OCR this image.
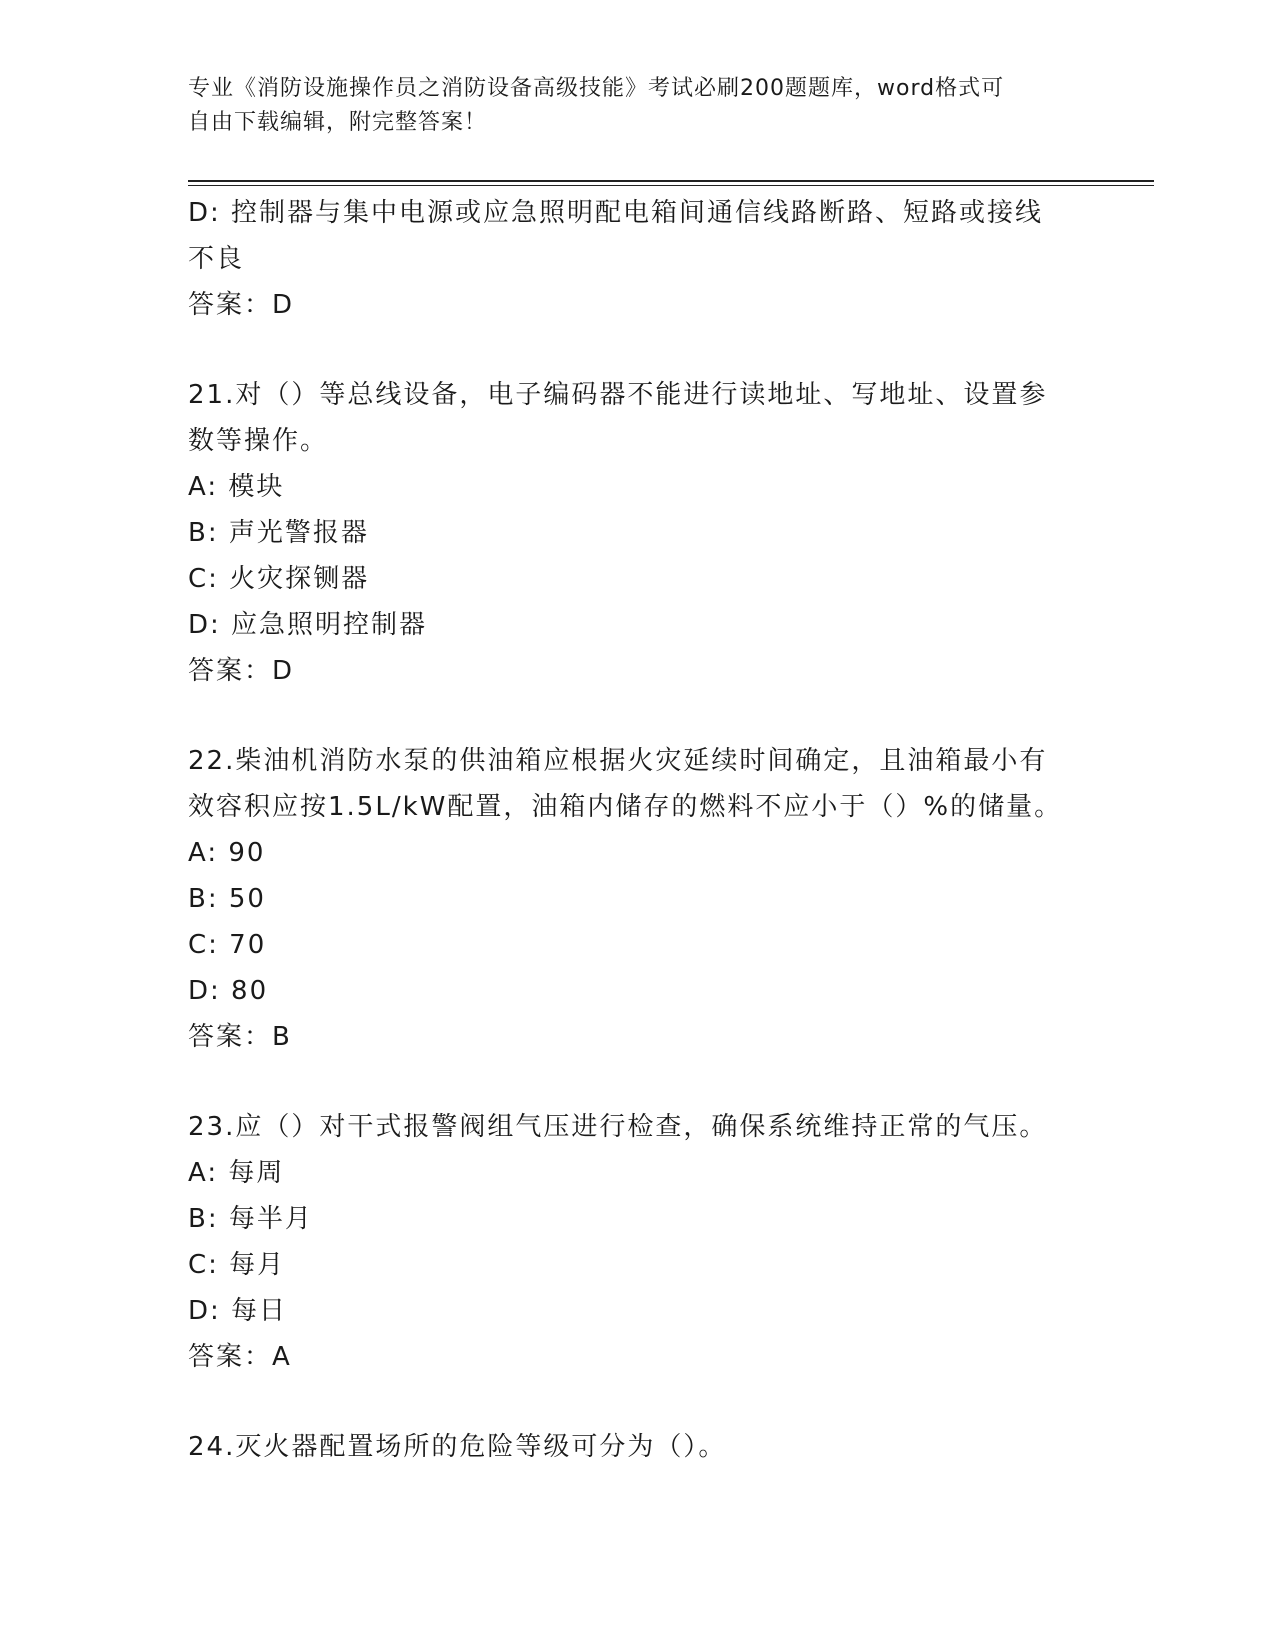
专业《消防设施操作员之消防设备高级技能》考试必刷200题题库，word格式可
自由下载编辑，附完整答案！
D: 控制器与集中电源或应急照明配电箱间通信线路断路、短路或接线
不良
答案：D
21.对（）等总线设备，电子编码器不能进行读地址、写地址、设置参
数等操作。
A: 模块
B: 声光警报器
C: 火灾探铡器
D: 应急照明控制器
答案：D
22.柴油机消防水泵的供油箱应根据火灾延续时间确定，且油箱最小有
效容积应按1.5L/kW配置，油箱内储存的燃料不应小于（）%的储量。
A: 90
B: 50
C: 70
D: 80
答案：B
23.应（）对干式报警阀组气压进行检查，确保系统维持正常的气压。
A: 每周
B: 每半月
C: 每月
D: 每日
答案：A
24.灭火器配置场所的危险等级可分为（）。
